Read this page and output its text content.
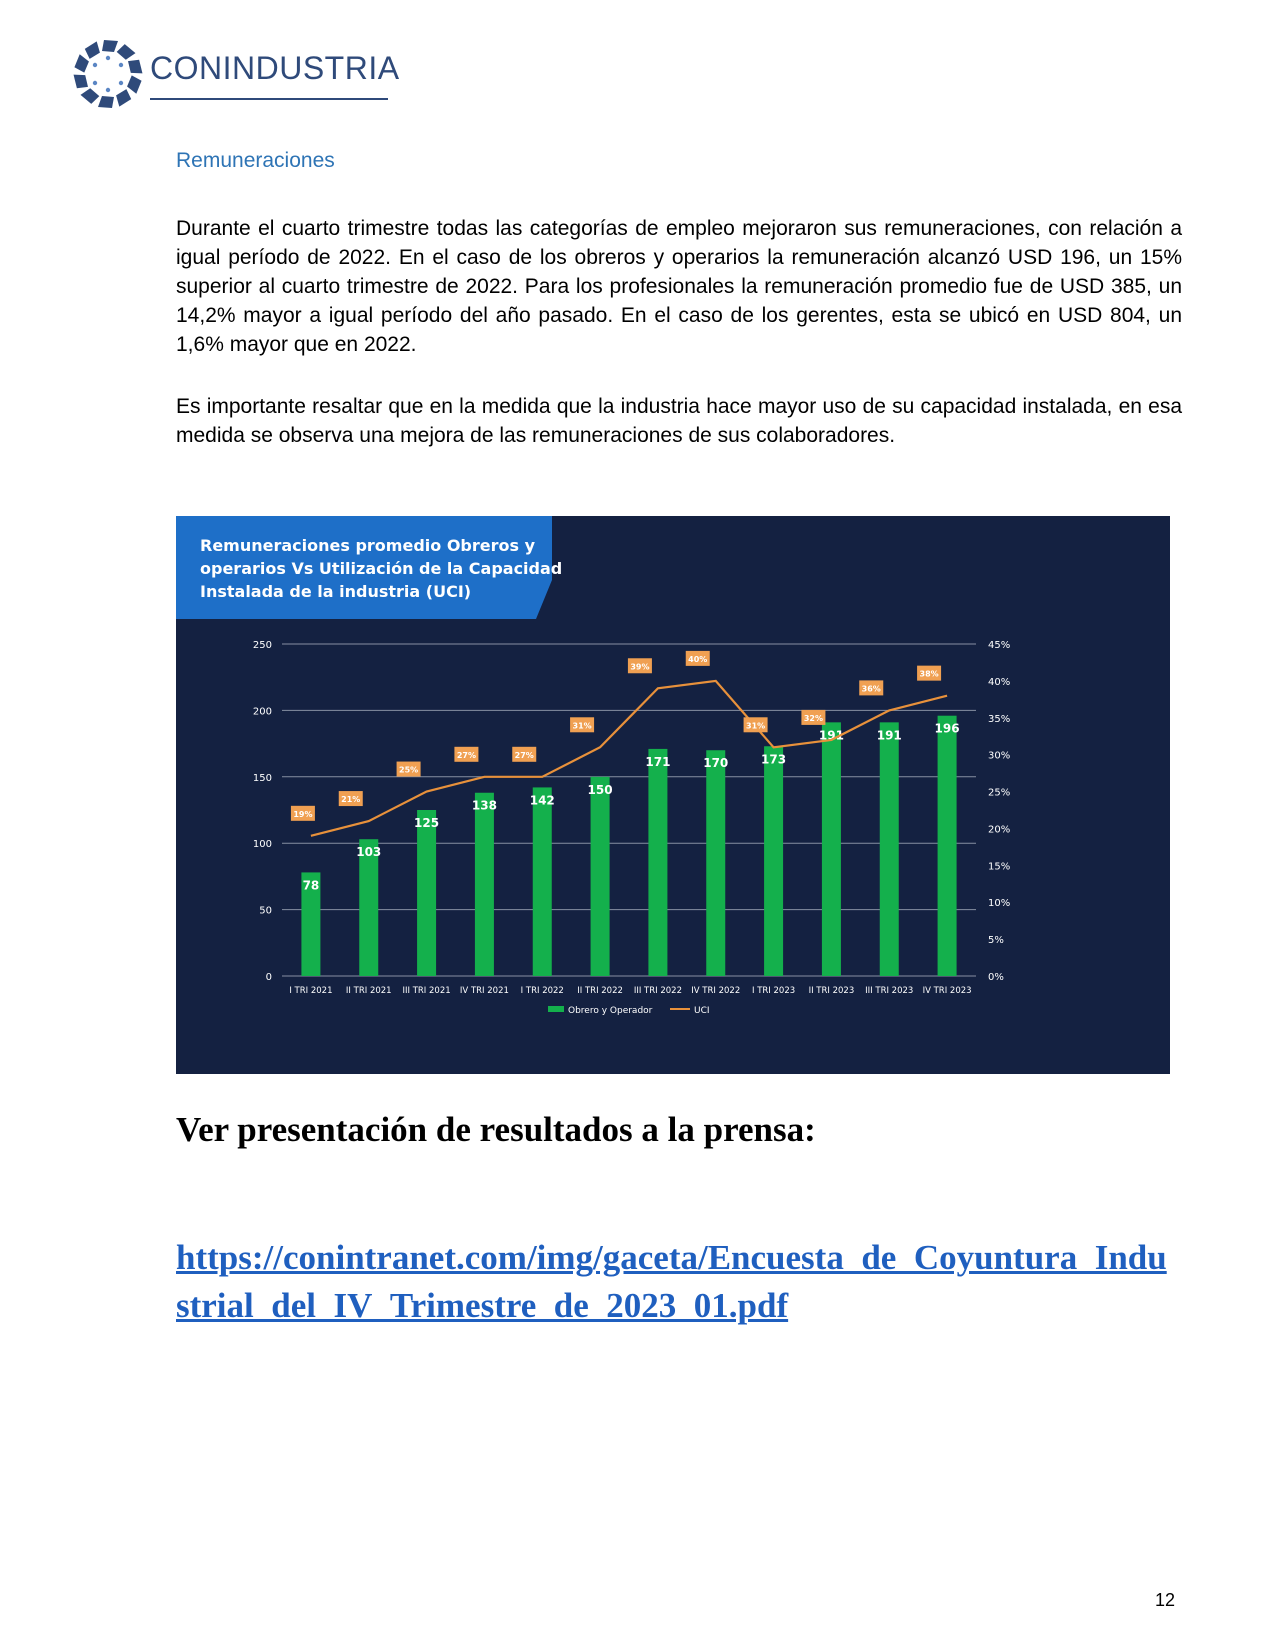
CONINDUSTRIA
Remuneraciones

Durante el cuarto trimestre todas las categorías de empleo mejoraron sus remuneraciones, con relación a igual período de 2022. En el caso de los obreros y operarios la remuneración alcanzó USD 196, un 15% superior al cuarto trimestre de 2022. Para los profesionales la remuneración promedio fue de USD 385, un 14,2% mayor a igual período del año pasado. En el caso de los gerentes, esta se ubicó en USD 804, un 1,6% mayor que en 2022.

Es importante resaltar que en la medida que la industria hace mayor uso de su capacidad instalada, en esa medida se observa una mejora de las remuneraciones de sus colaboradores.

Remuneraciones promedio Obreros y
operarios Vs Utilización de la Capacidad
Instalada de la industria (UCI)
0
50
100
150
200
250
0%
5%
10%
15%
20%
25%
30%
35%
40%
45%
78
103
125
138	142
150
171	170	173
191	191	196
I TRI 2021 II TRI 2021 III TRI 2021 IV TRI 2021 I TRI 2022 II TRI 2022 III TRI 2022 IV TRI 2022 I TRI 2023 II TRI 2023 III TRI 2023 IV TRI 2023
19%
21%
25%
27%	27%
31%
39%
40%
31%
32%
36%
38%
Obrero y Operador	UCI
Ver presentación de resultados a la prensa:
https://conintranet.com/img/gaceta/Encuesta_de_Coyuntura_Industrial_del_IV_Trimestre_de_2023_01.pdf
12
